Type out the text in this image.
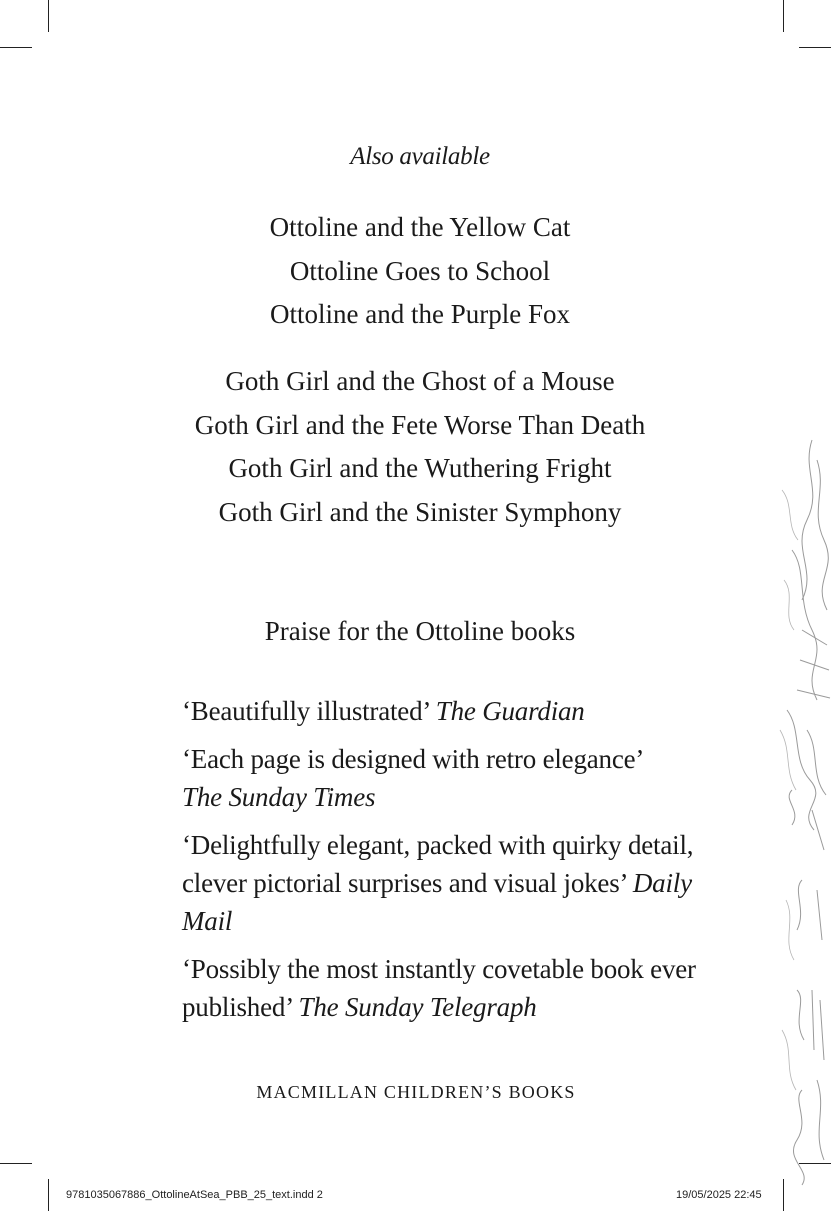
Also available
Ottoline and the Yellow Cat
Ottoline Goes to School
Ottoline and the Purple Fox
Goth Girl and the Ghost of a Mouse
Goth Girl and the Fete Worse Than Death
Goth Girl and the Wuthering Fright
Goth Girl and the Sinister Symphony
Praise for the Ottoline books

‘Beautifully illustrated’ The Guardian

‘Each page is designed with retro elegance’
The Sunday Times

‘Delightfully elegant, packed with quirky detail, clever pictorial surprises and visual jokes’ Daily Mail

‘Possibly the most instantly covetable book ever published’ The Sunday Telegraph

MACMILLAN CHILDREN’S BOOKS
9781035067886_OttolineAtSea_PBB_25_text.indd 2	19/05/2025 22:45
